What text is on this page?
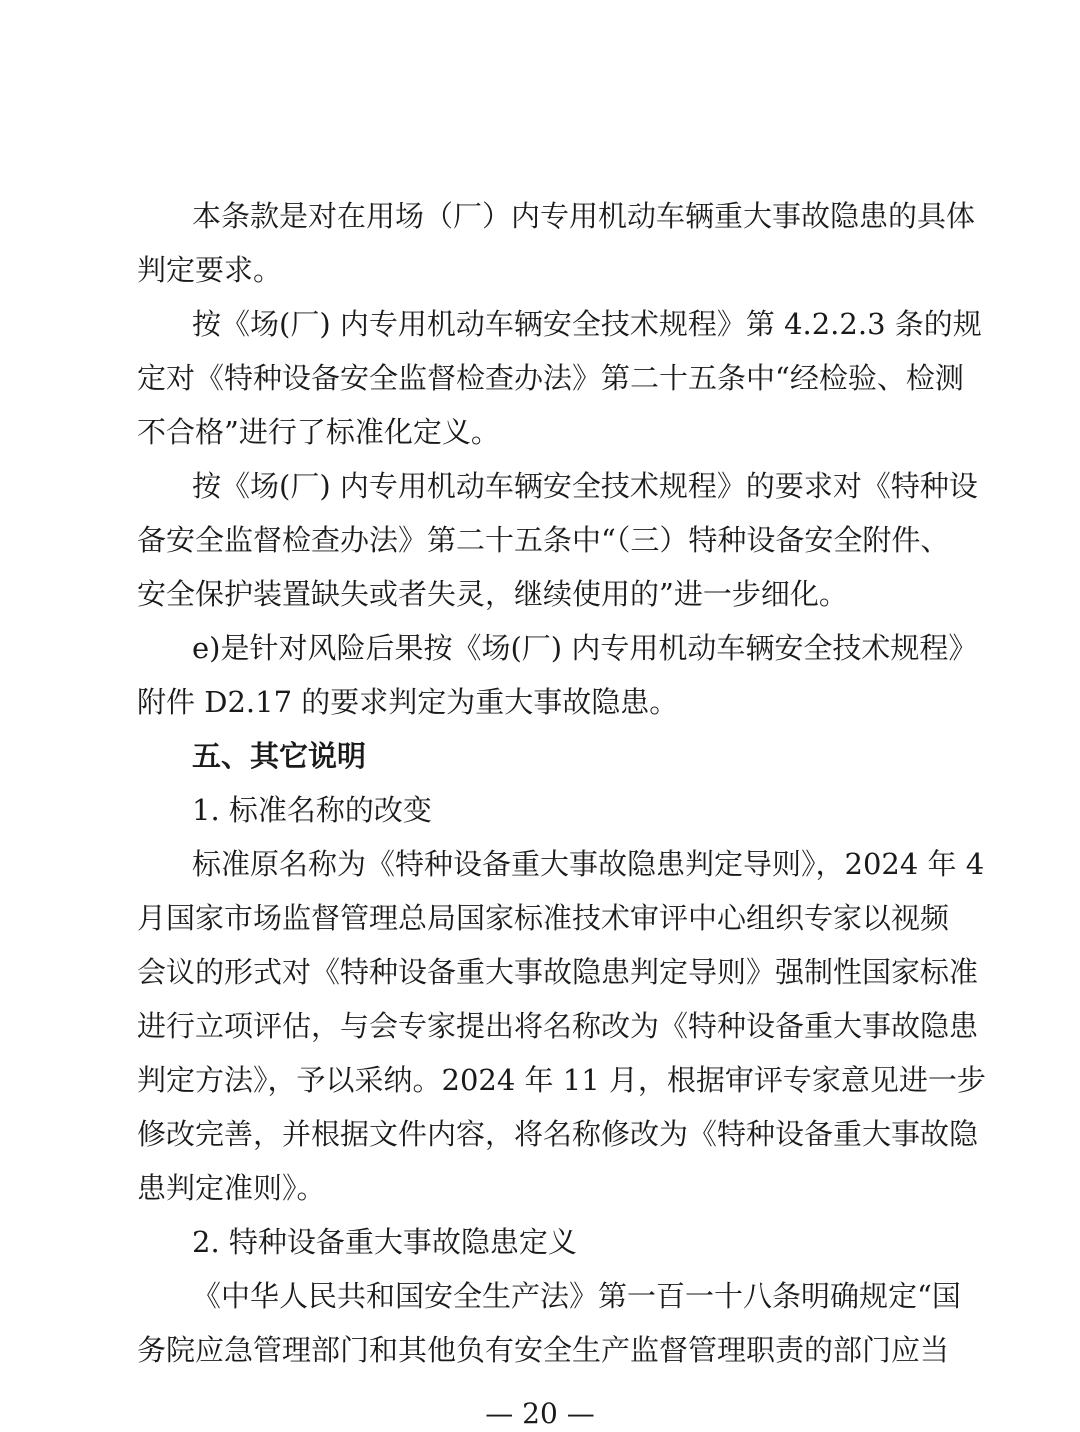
本条款是对在用场（厂）内专用机动车辆重大事故隐患的具体
判定要求。
按《场(厂) 内专用机动车辆安全技术规程》第 4.2.2.3 条的规
定对《特种设备安全监督检查办法》第二十五条中“经检验、检测
不合格”进行了标准化定义。
按《场(厂) 内专用机动车辆安全技术规程》的要求对《特种设
备安全监督检查办法》第二十五条中“（三）特种设备安全附件、
安全保护装置缺失或者失灵，继续使用的”进一步细化。
e)是针对风险后果按《场(厂) 内专用机动车辆安全技术规程》
附件 D2.17 的要求判定为重大事故隐患。
五、其它说明
1. 标准名称的改变
标准原名称为《特种设备重大事故隐患判定导则》，2024 年 4
月国家市场监督管理总局国家标准技术审评中心组织专家以视频
会议的形式对《特种设备重大事故隐患判定导则》强制性国家标准
进行立项评估，与会专家提出将名称改为《特种设备重大事故隐患
判定方法》，予以采纳。2024 年 11 月，根据审评专家意见进一步
修改完善，并根据文件内容，将名称修改为《特种设备重大事故隐
患判定准则》。
2. 特种设备重大事故隐患定义
《中华人民共和国安全生产法》第一百一十八条明确规定“国
务院应急管理部门和其他负有安全生产监督管理职责的部门应当
— 20 —
